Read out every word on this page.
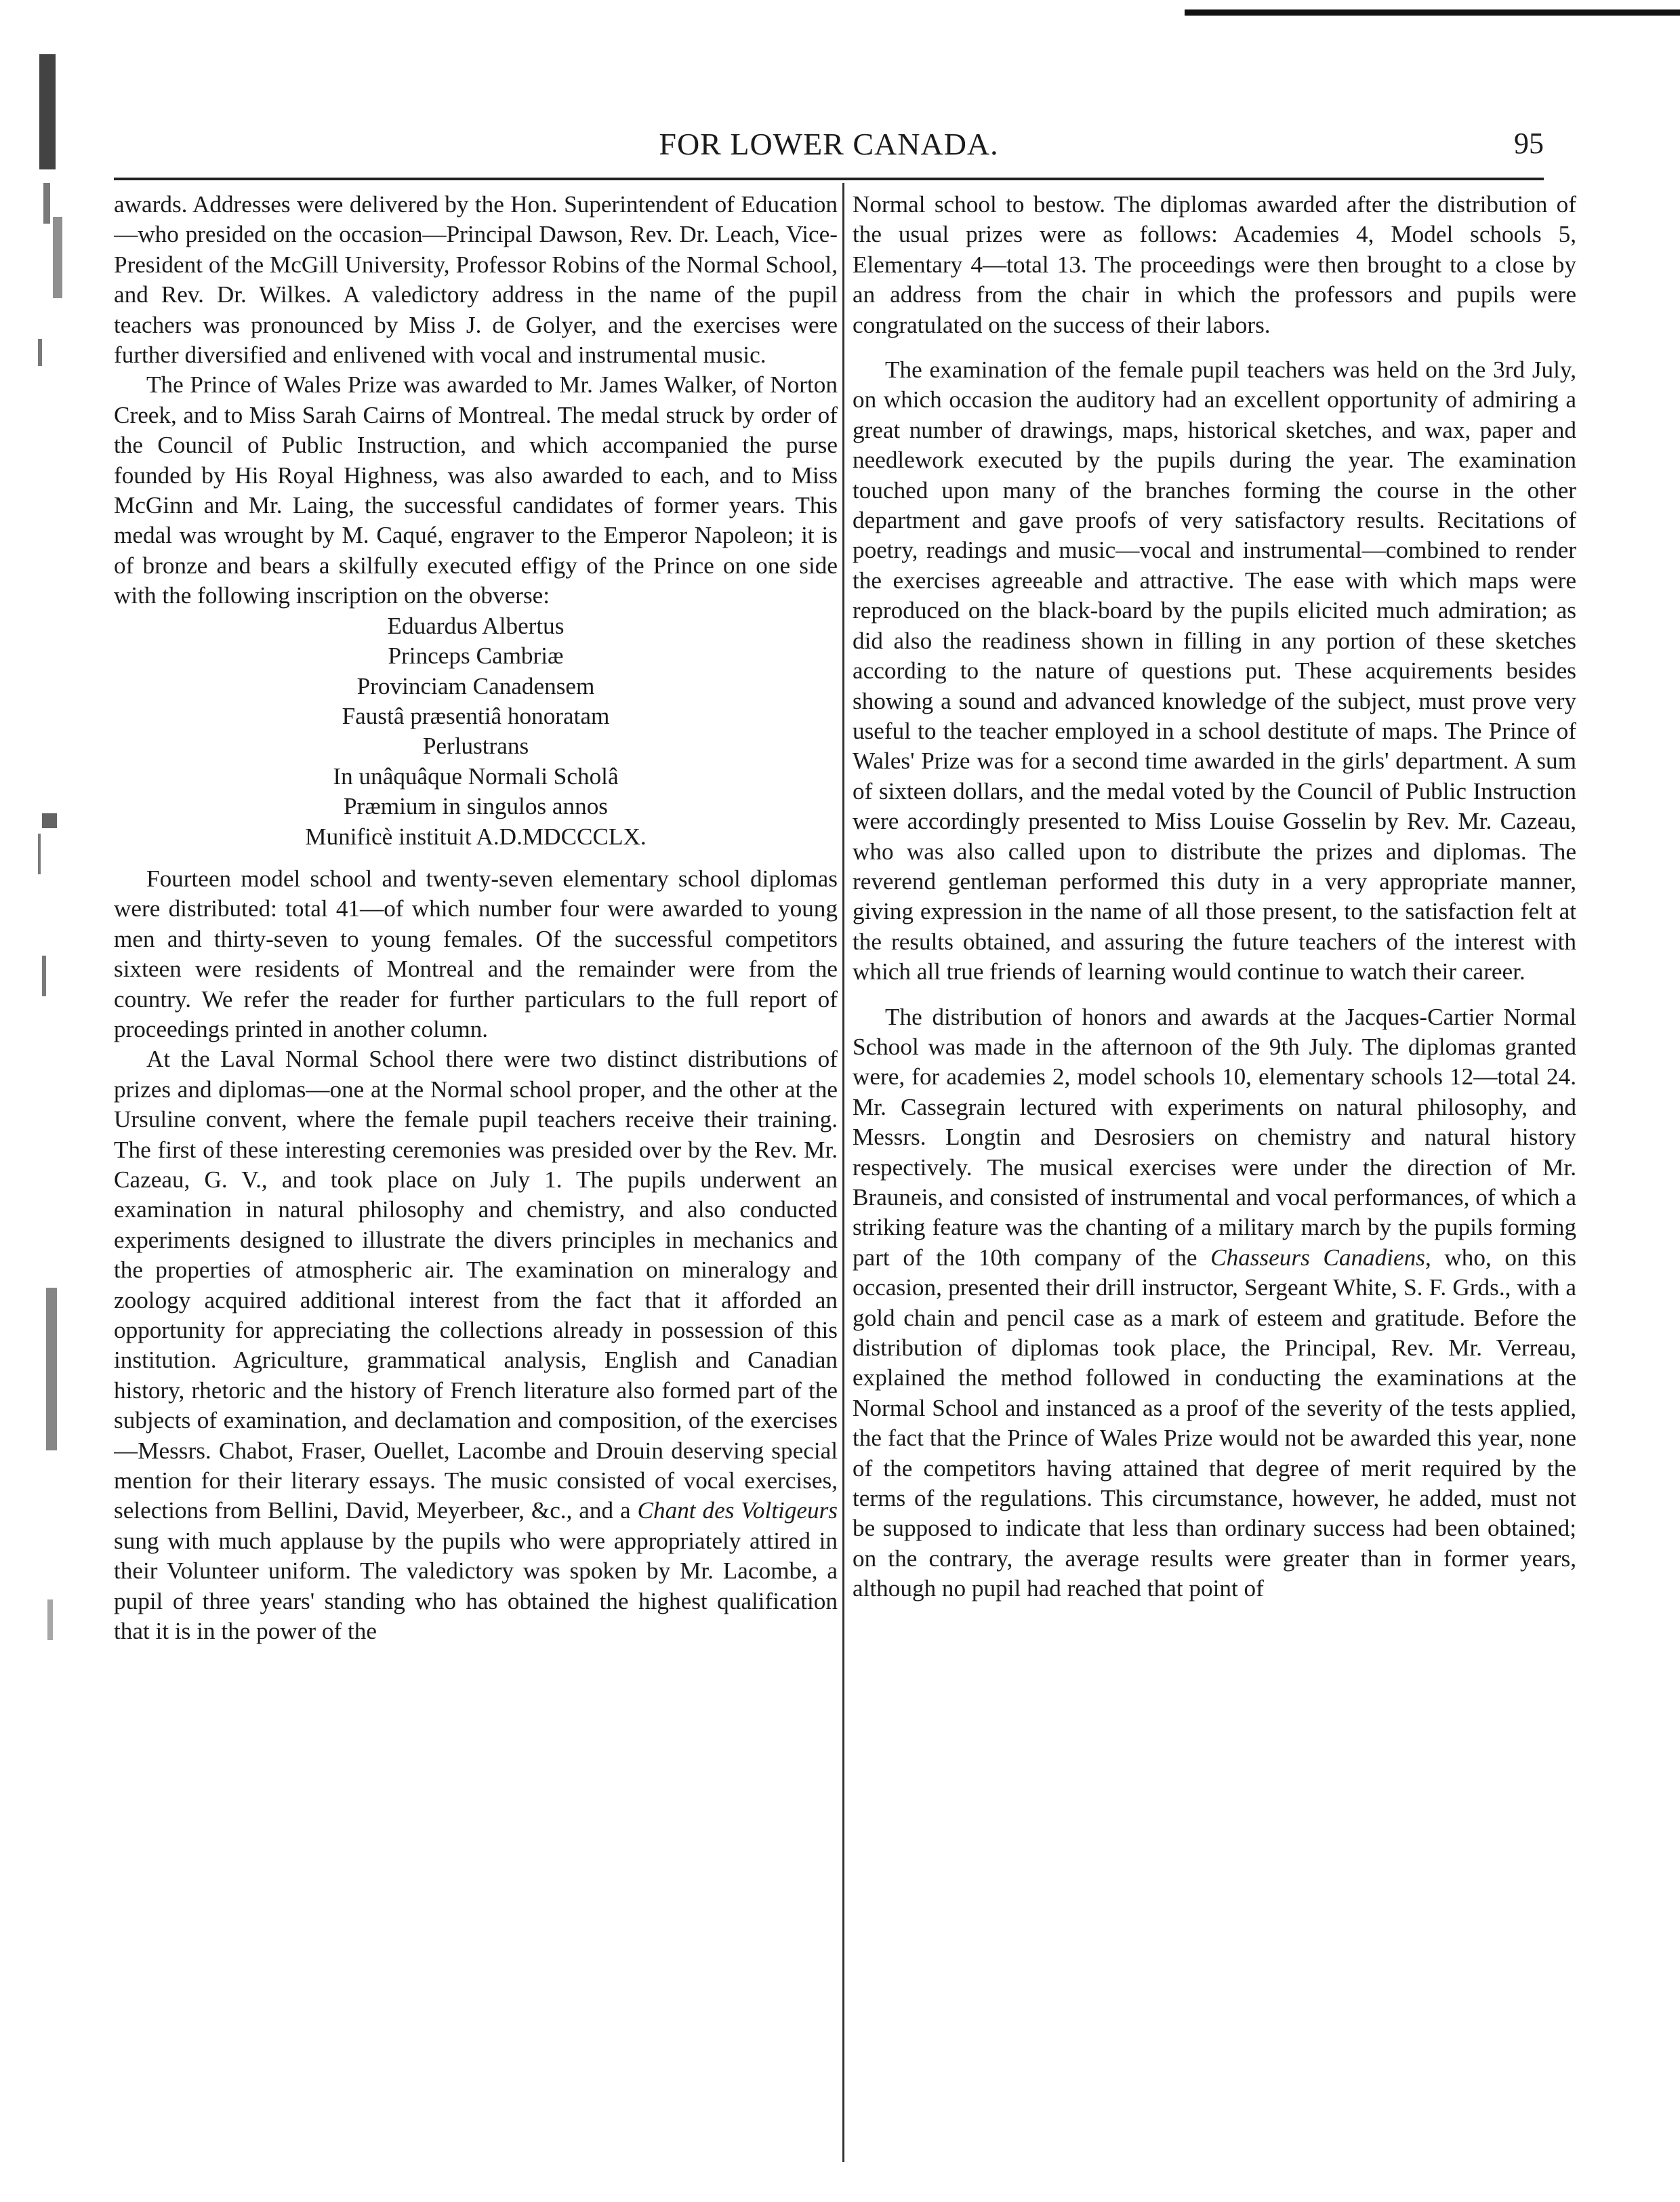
FOR LOWER CANADA.	95

awards. Addresses were delivered by the Hon. Superintendent of Education—who presided on the occasion—Principal Dawson, Rev. Dr. Leach, Vice-President of the McGill University, Professor Robins of the Normal School, and Rev. Dr. Wilkes. A valedictory address in the name of the pupil teachers was pronounced by Miss J. de Golyer, and the exercises were further diversified and enlivened with vocal and instrumental music.

The Prince of Wales Prize was awarded to Mr. James Walker, of Norton Creek, and to Miss Sarah Cairns of Montreal. The medal struck by order of the Council of Public Instruction, and which accompanied the purse founded by His Royal Highness, was also awarded to each, and to Miss McGinn and Mr. Laing, the successful candidates of former years. This medal was wrought by M. Caqué, engraver to the Emperor Napoleon; it is of bronze and bears a skilfully executed effigy of the Prince on one side with the following inscription on the obverse:

Eduardus Albertus
Princeps Cambriæ
Provinciam Canadensem
Faustâ præsentiâ honoratam
Perlustrans
In unâquâque Normali Scholâ
Præmium in singulos annos
Munificè instituit A.D.MDCCCLX.

Fourteen model school and twenty-seven elementary school diplomas were distributed: total 41—of which number four were awarded to young men and thirty-seven to young females. Of the successful competitors sixteen were residents of Montreal and the remainder were from the country. We refer the reader for further particulars to the full report of proceedings printed in another column.

At the Laval Normal School there were two distinct distributions of prizes and diplomas—one at the Normal school proper, and the other at the Ursuline convent, where the female pupil teachers receive their training. The first of these interesting ceremonies was presided over by the Rev. Mr. Cazeau, G. V., and took place on July 1. The pupils underwent an examination in natural philosophy and chemistry, and also conducted experiments designed to illustrate the divers principles in mechanics and the properties of atmospheric air. The examination on mineralogy and zoology acquired additional interest from the fact that it afforded an opportunity for appreciating the collections already in possession of this institution. Agriculture, grammatical analysis, English and Canadian history, rhetoric and the history of French literature also formed part of the subjects of examination, and declamation and composition, of the exercises—Messrs. Chabot, Fraser, Ouellet, Lacombe and Drouin deserving special mention for their literary essays. The music consisted of vocal exercises, selections from Bellini, David, Meyerbeer, &c., and a Chant des Voltigeurs sung with much applause by the pupils who were appropriately attired in their Volunteer uniform. The valedictory was spoken by Mr. Lacombe, a pupil of three years' standing who has obtained the highest qualification that it is in the power of the

Normal school to bestow. The diplomas awarded after the distribution of the usual prizes were as follows: Academies 4, Model schools 5, Elementary 4—total 13. The proceedings were then brought to a close by an address from the chair in which the professors and pupils were congratulated on the success of their labors.

The examination of the female pupil teachers was held on the 3rd July, on which occasion the auditory had an excellent opportunity of admiring a great number of drawings, maps, historical sketches, and wax, paper and needlework executed by the pupils during the year. The examination touched upon many of the branches forming the course in the other department and gave proofs of very satisfactory results. Recitations of poetry, readings and music—vocal and instrumental—combined to render the exercises agreeable and attractive. The ease with which maps were reproduced on the black-board by the pupils elicited much admiration; as did also the readiness shown in filling in any portion of these sketches according to the nature of questions put. These acquirements besides showing a sound and advanced knowledge of the subject, must prove very useful to the teacher employed in a school destitute of maps. The Prince of Wales' Prize was for a second time awarded in the girls' department. A sum of sixteen dollars, and the medal voted by the Council of Public Instruction were accordingly presented to Miss Louise Gosselin by Rev. Mr. Cazeau, who was also called upon to distribute the prizes and diplomas. The reverend gentleman performed this duty in a very appropriate manner, giving expression in the name of all those present, to the satisfaction felt at the results obtained, and assuring the future teachers of the interest with which all true friends of learning would continue to watch their career.

The distribution of honors and awards at the Jacques-Cartier Normal School was made in the afternoon of the 9th July. The diplomas granted were, for academies 2, model schools 10, elementary schools 12—total 24. Mr. Cassegrain lectured with experiments on natural philosophy, and Messrs. Longtin and Desrosiers on chemistry and natural history respectively. The musical exercises were under the direction of Mr. Brauneis, and consisted of instrumental and vocal performances, of which a striking feature was the chanting of a military march by the pupils forming part of the 10th company of the Chasseurs Canadiens, who, on this occasion, presented their drill instructor, Sergeant White, S. F. Grds., with a gold chain and pencil case as a mark of esteem and gratitude. Before the distribution of diplomas took place, the Principal, Rev. Mr. Verreau, explained the method followed in conducting the examinations at the Normal School and instanced as a proof of the severity of the tests applied, the fact that the Prince of Wales Prize would not be awarded this year, none of the competitors having attained that degree of merit required by the terms of the regulations. This circumstance, however, he added, must not be supposed to indicate that less than ordinary success had been obtained; on the contrary, the average results were greater than in former years, although no pupil had reached that point of
